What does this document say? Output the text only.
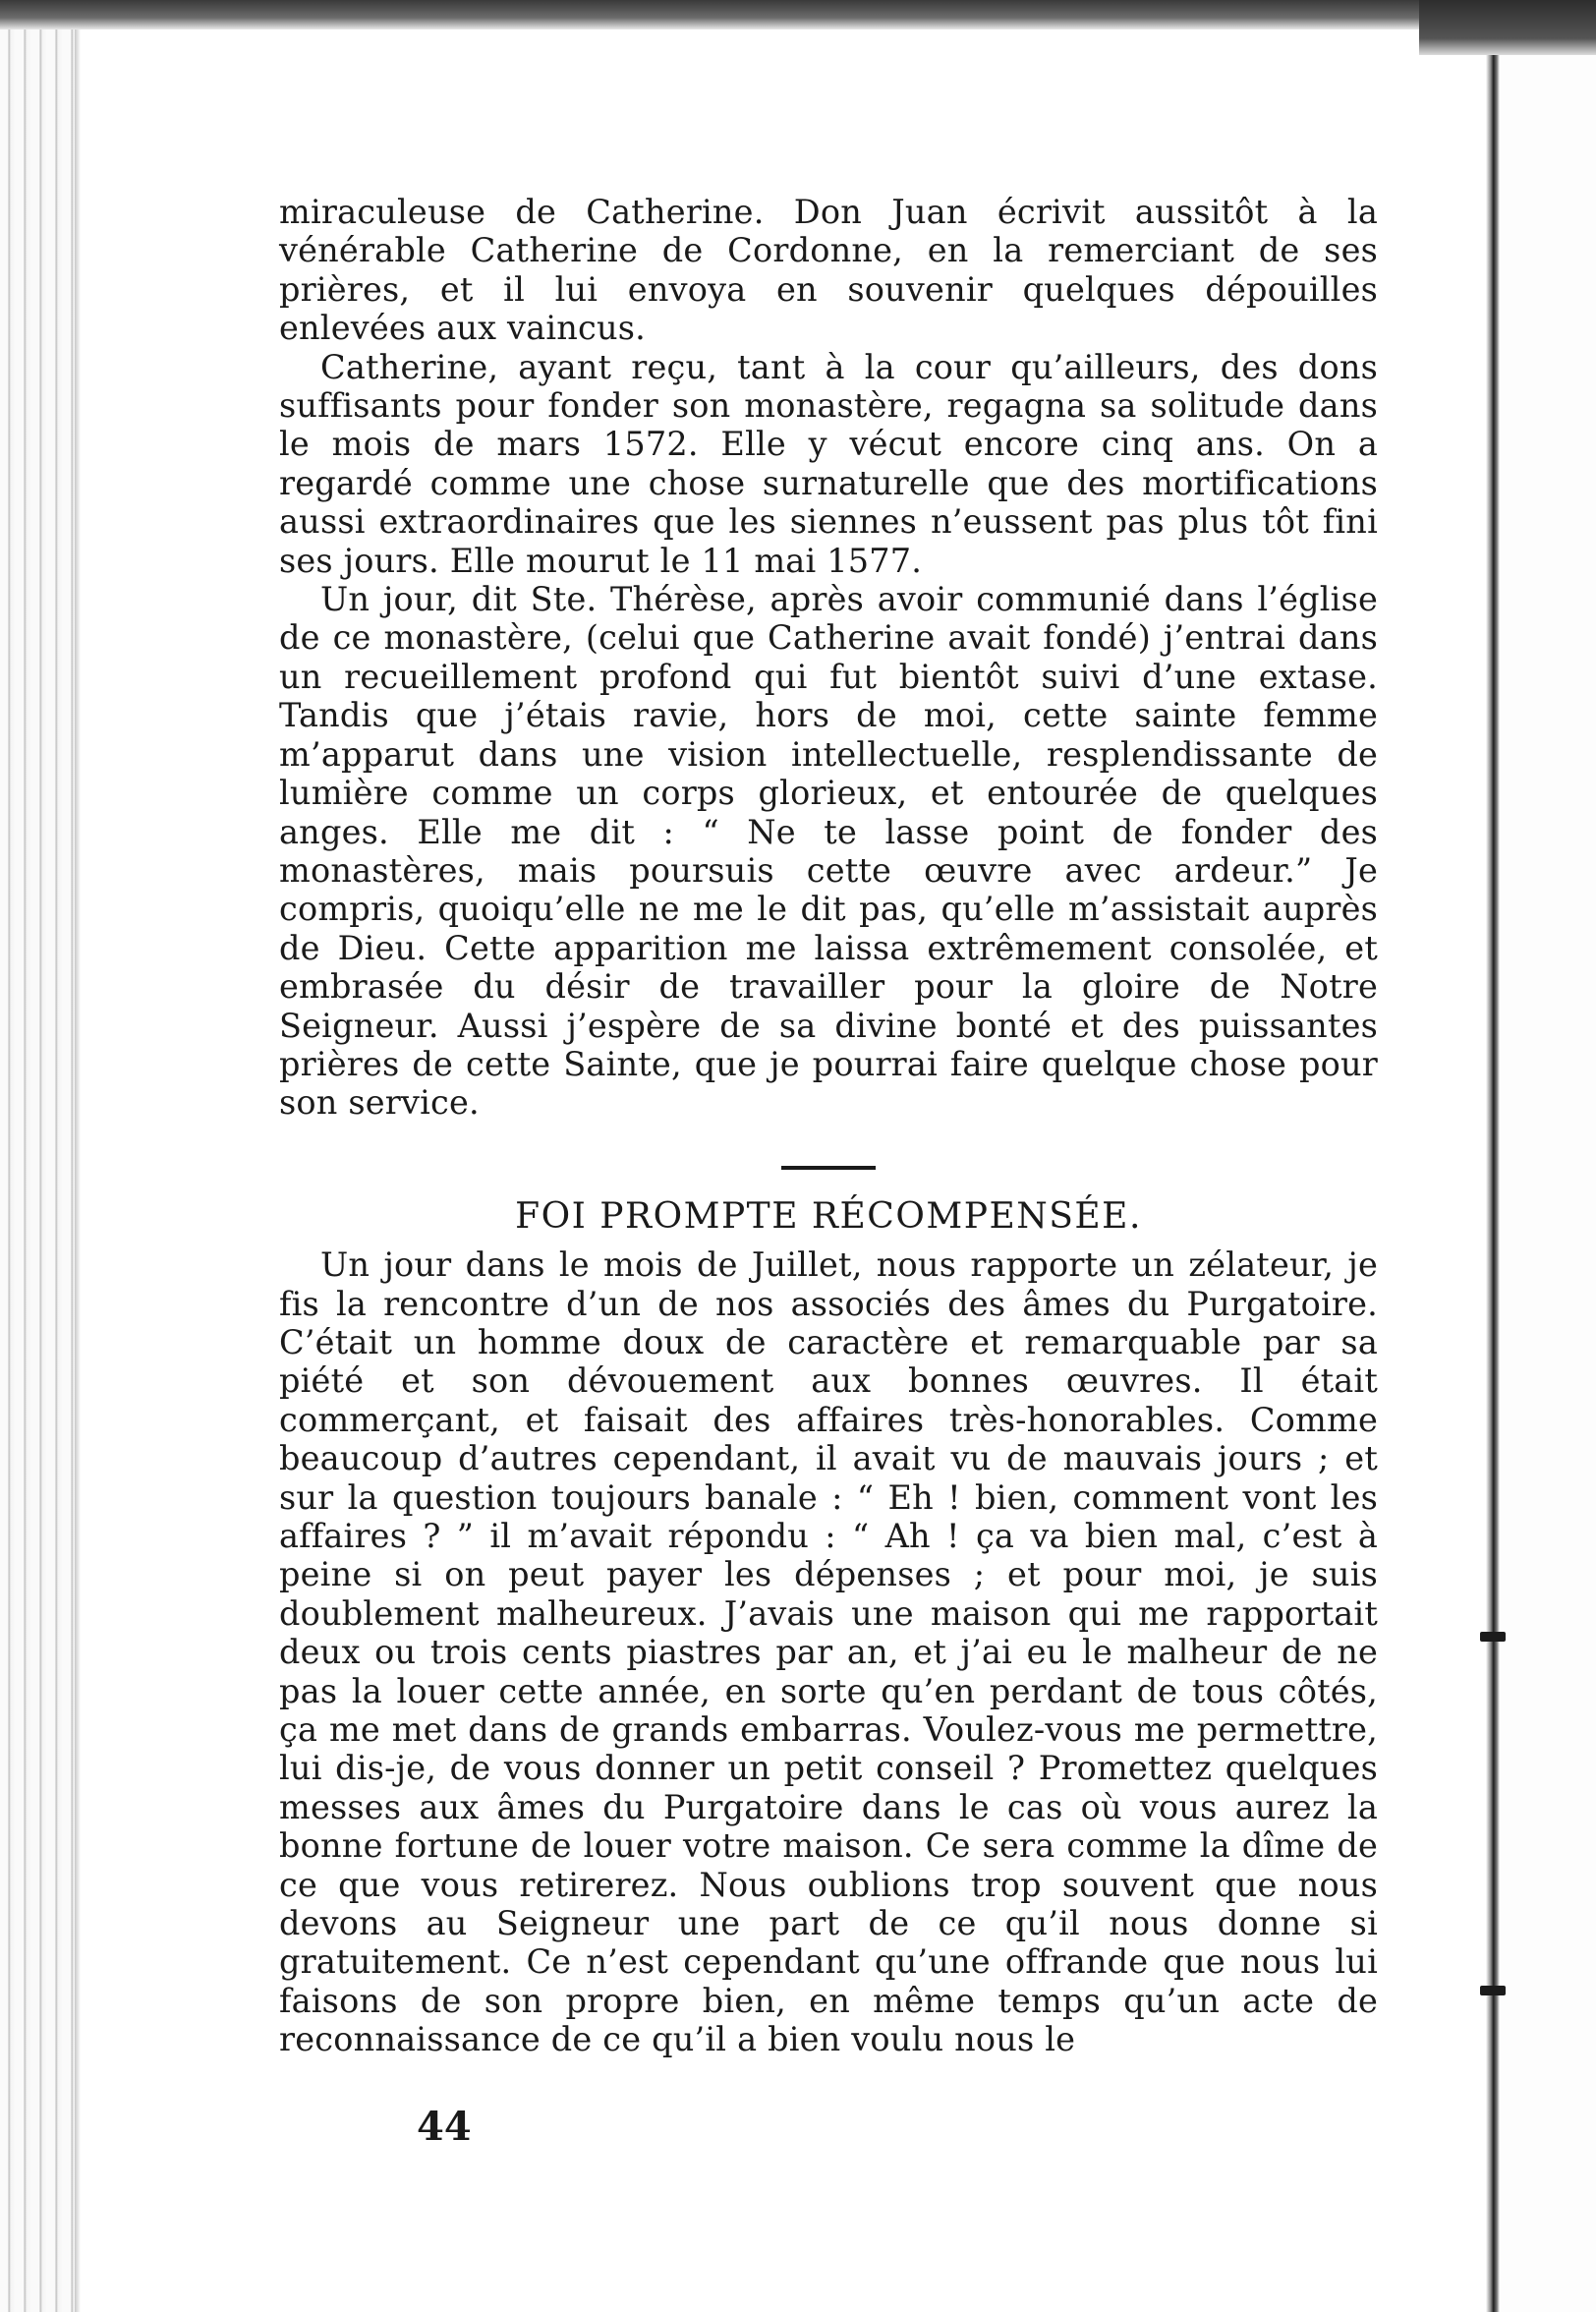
miraculeuse de Catherine. Don Juan écrivit aussitôt à la vénérable Catherine de Cordonne, en la remerciant de ses prières, et il lui envoya en souvenir quelques dépouilles enlevées aux vaincus.

Catherine, ayant reçu, tant à la cour qu’ailleurs, des dons suffisants pour fonder son monastère, regagna sa solitude dans le mois de mars 1572. Elle y vécut encore cinq ans. On a regardé comme une chose surnaturelle que des mortifications aussi extraordinaires que les siennes n’eussent pas plus tôt fini ses jours. Elle mourut le 11 mai 1577.

Un jour, dit Ste. Thérèse, après avoir communié dans l’église de ce monastère, (celui que Catherine avait fondé) j’entrai dans un recueillement profond qui fut bientôt suivi d’une extase. Tandis que j’étais ravie, hors de moi, cette sainte femme m’apparut dans une vision intellectuelle, resplendissante de lumière comme un corps glorieux, et entourée de quelques anges. Elle me dit : “ Ne te lasse point de fonder des monastères, mais poursuis cette œuvre avec ardeur.” Je compris, quoiqu’elle ne me le dit pas, qu’elle m’assistait auprès de Dieu. Cette apparition me laissa extrêmement consolée, et embrasée du désir de travailler pour la gloire de Notre Seigneur. Aussi j’espère de sa divine bonté et des puissantes prières de cette Sainte, que je pourrai faire quelque chose pour son service.

FOI PROMPTE RÉCOMPENSÉE.

Un jour dans le mois de Juillet, nous rapporte un zélateur, je fis la rencontre d’un de nos associés des âmes du Purgatoire. C’était un homme doux de caractère et remarquable par sa piété et son dévouement aux bonnes œuvres. Il était commerçant, et faisait des affaires très-honorables. Comme beaucoup d’autres cependant, il avait vu de mauvais jours ; et sur la question toujours banale : “ Eh ! bien, comment vont les affaires ? ” il m’avait répondu : “ Ah ! ça va bien mal, c’est à peine si on peut payer les dépenses ; et pour moi, je suis doublement malheureux. J’avais une maison qui me rapportait deux ou trois cents piastres par an, et j’ai eu le malheur de ne pas la louer cette année, en sorte qu’en perdant de tous côtés, ça me met dans de grands embarras. Voulez-vous me permettre, lui dis-je, de vous donner un petit conseil ? Promettez quelques messes aux âmes du Purgatoire dans le cas où vous aurez la bonne fortune de louer votre maison. Ce sera comme la dîme de ce que vous retirerez. Nous oublions trop souvent que nous devons au Seigneur une part de ce qu’il nous donne si gratuitement. Ce n’est cependant qu’une offrande que nous lui faisons de son propre bien, en même temps qu’un acte de reconnaissance de ce qu’il a bien voulu nous le

44
